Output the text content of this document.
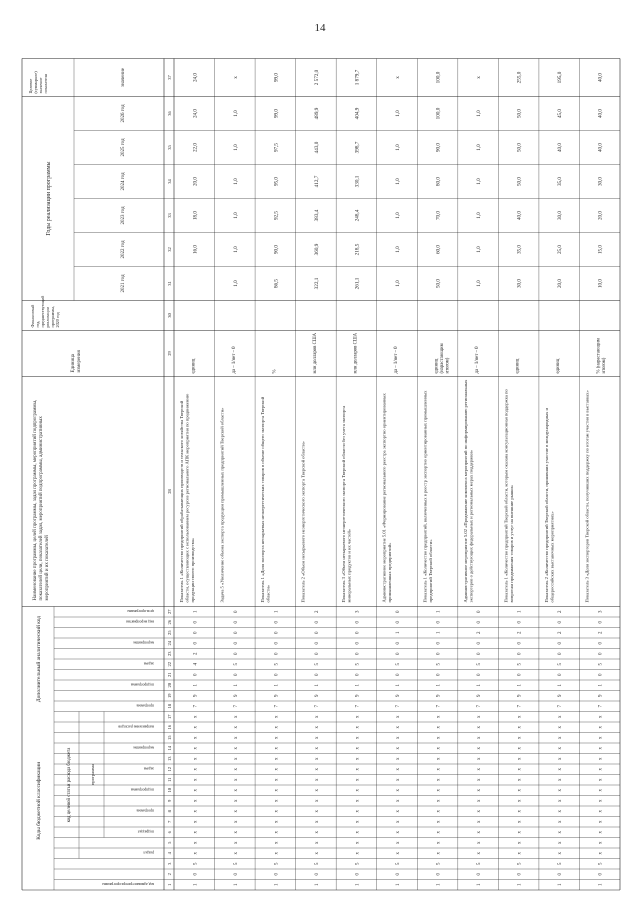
14
Коды бюджетной классификации
Дополнительный аналитический код
код целевой статьи расхода бюджета	программа
код администратора программы
раздел
подраздел
программа
подпрограмма
задача
мероприятие
направление расходов
программа
подпрограмма
задача
мероприятие
вид мероприятия
цель программы
Наименование программы, целей программы, задач программы, мероприятий подпрограммы,показателей цели, показателей задач, мероприятий подпрограммы, административныхмероприятий и их показателей
Единицаизмерения
Финансовыйгод,предшествующийреализациипрограммы,2020 год
Годы реализации программы
Целевое(суммарное)значениепоказателя	значение
2021 год
2022 год
2023 год
2024 год
2025 год
2026 год
1
2
3
4
5
6
7
8
9
10
11
12
13
14
15
16
17
18
19
20
21
22
23
24
25
26
27
28
29
30
31
32
33
34
35
36
37
1
0
5
х
х
х
х
х
х
х
х
х
х
х
х
х
х
7
9
1
0
4
2
0
0
0
1
Показатель 1 «Количество предприятий обрабатывающих производств и сельского хозяйства Тверскойобласти, осуществляющих с использованием ресурсов регионального АПК мероприятия по продвижениюпродукции своего производства»
единиц
16,0
18,0
20,0
22,0
24,0
24,0
1
0
5
х
х
х
х
х
х
х
х
х
х
х
х
х
х
7
9
1
0
5
0
0
0
0
0
Задача 5 «Увеличение объема экспорта продукции промышленных предприятий Тверской области»
да – 1/нет – 0
1,0
1,0
1,0
1,0
1,0
1,0
х
1
0
5
х
х
х
х
х
х
х
х
х
х
х
х
х
х
7
9
1
0
5
0
0
0
0
1
Показатель 1 «Доля экспорта несырьевых неэнергетических товаров в объеме общего экспорта Тверскойобласти»
%
86,5
90,0
92,5
95,0
97,5
99,0
99,0
1
0
5
х
х
х
х
х
х
х
х
х
х
х
х
х
х
7
9
1
0
5
0
0
0
0
2
Показатель 2 «Объем несырьевого неэнергетического экспорта Тверской области»
млн долларов США
322,1
360,9
383,4
412,7
443,0
489,9
2 572,0
1
0
5
х
х
х
х
х
х
х
х
х
х
х
х
х
х
7
9
1
0
5
0
0
0
0
3
Показатель 3 «Объем несырьевого неэнергетического экспорта Тверской области без учета экспортаминеральных продуктов и их частей»
млн долларов США
261,1
218,5
248,4
330,1
398,7
404,9
1 879,7
1
0
5
х
х
х
х
х
х
х
х
х
х
х
х
х
х
7
9
1
0
5
0
0
1
0
0
Административное мероприятие 5.01 «Формирование регионального реестра экспортно ориентированныхпромышленных предприятий»
да – 1/нет – 0
1,0
1,0
1,0
1,0
1,0
1,0
х
1
0
5
х
х
х
х
х
х
х
х
х
х
х
х
х
х
7
9
1
0
5
0
0
1
0
1
Показатель 1 «Количество предприятий, включенных в реестр экспортно ориентированных промышленныхпредприятий Тверской области»
единиц(нарастающимитогом)
50,0
60,0
70,0
80,0
90,0
100,0
100,0
1
0
5
х
х
х
х
х
х
х
х
х
х
х
х
х
х
7
9
1
0
5
0
0
2
0
0
Административное мероприятие 5.02 «Продвижение комплекса мероприятий по информированию региональныхэкспортеров о действующих федеральных и региональных мерах поддержки»
да – 1/нет – 0
1,0
1,0
1,0
1,0
1,0
1,0
х
1
0
5
х
х
х
х
х
х
х
х
х
х
х
х
х
х
7
9
1
0
5
0
0
2
0
1
Показатель 1 «Количество предприятий Тверской области, которым оказана консультационная поддержка повопросам продвижения товаров и услуг на внешние рынки»
единиц
30,0
35,0
40,0
50,0
50,0
50,0
255,0
1
0
5
х
х
х
х
х
х
х
х
х
х
х
х
х
х
7
9
1
0
5
0
0
2
0
2
Показатель 2 «Количество предприятий Тверской области, принявших участие в международных иобщероссийских выставочных мероприятиях»
единиц
20,0
25,0
30,0
35,0
40,0
45,0
195,0
1
0
5
х
х
х
х
х
х
х
х
х
х
х
х
х
х
7
9
1
0
5
0
0
2
0
3
Показатель 3 «Доля экспортеров Тверской области, получивших поддержку по итогам участия в выставках»
% (нарастающимитогом)
10,0
15,0
20,0
30,0
40,0
40,0
40,0
